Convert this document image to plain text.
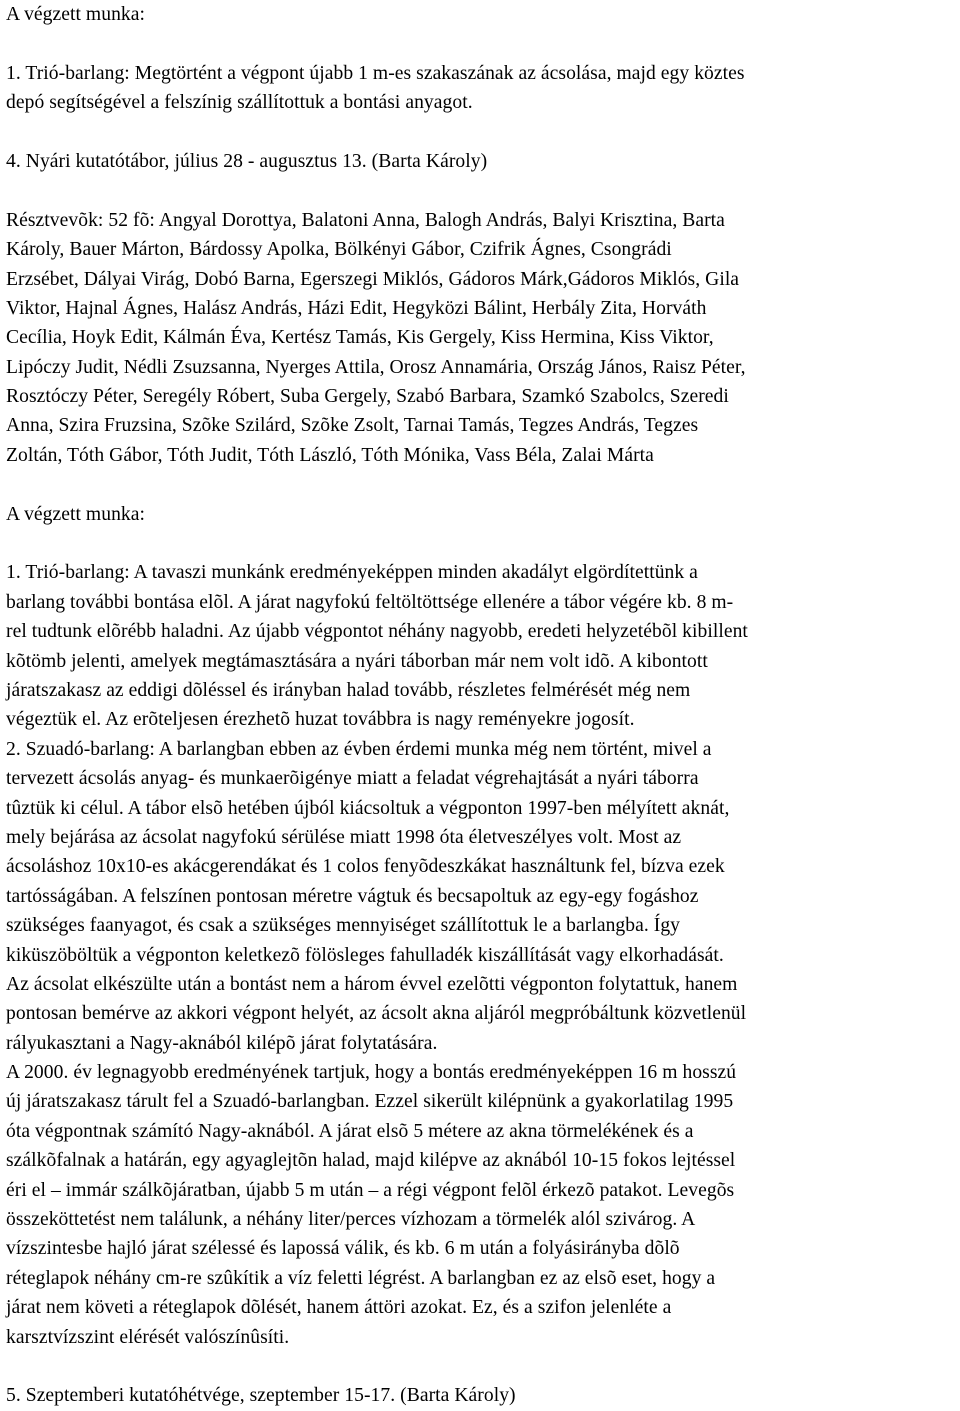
A végzett munka:
1. Trió-barlang: Megtörtént a végpont újabb 1 m-es szakaszának az ácsolása, majd egy köztes
depó segítségével a felszínig szállítottuk a bontási anyagot.
4. Nyári kutatótábor, július 28 - augusztus 13. (Barta Károly)
Résztvevõk: 52 fõ: Angyal Dorottya, Balatoni Anna, Balogh András, Balyi Krisztina, Barta
Károly, Bauer Márton, Bárdossy Apolka, Bölkényi Gábor, Czifrik Ágnes, Csongrádi
Erzsébet, Dályai Virág, Dobó Barna, Egerszegi Miklós, Gádoros Márk,Gádoros Miklós, Gila
Viktor, Hajnal Ágnes, Halász András, Házi Edit, Hegyközi Bálint, Herbály Zita, Horváth
Cecília, Hoyk Edit, Kálmán Éva, Kertész Tamás, Kis Gergely, Kiss Hermina, Kiss Viktor,
Lipóczy Judit, Nédli Zsuzsanna, Nyerges Attila, Orosz Annamária, Ország János, Raisz Péter,
Rosztóczy Péter, Seregély Róbert, Suba Gergely, Szabó Barbara, Szamkó Szabolcs, Szeredi
Anna, Szira Fruzsina, Szõke Szilárd, Szõke Zsolt, Tarnai Tamás, Tegzes András, Tegzes
Zoltán, Tóth Gábor, Tóth Judit, Tóth László, Tóth Mónika, Vass Béla, Zalai Márta
A végzett munka:
1. Trió-barlang: A tavaszi munkánk eredményeképpen minden akadályt elgördítettünk a
barlang további bontása elõl. A járat nagyfokú feltöltöttsége ellenére a tábor végére kb. 8 m-
rel tudtunk elõrébb haladni. Az újabb végpontot néhány nagyobb, eredeti helyzetébõl kibillent
kõtömb jelenti, amelyek megtámasztására a nyári táborban már nem volt idõ. A kibontott
járatszakasz az eddigi dõléssel és irányban halad tovább, részletes felmérését még nem
végeztük el. Az erõteljesen érezhetõ huzat továbbra is nagy reményekre jogosít.
2. Szuadó-barlang: A barlangban ebben az évben érdemi munka még nem történt, mivel a
tervezett ácsolás anyag- és munkaerõigénye miatt a feladat végrehajtását a nyári táborra
tûztük ki célul. A tábor elsõ hetében újból kiácsoltuk a végponton 1997-ben mélyített aknát,
mely bejárása az ácsolat nagyfokú sérülése miatt 1998 óta életveszélyes volt. Most az
ácsoláshoz 10x10-es akácgerendákat és 1 colos fenyõdeszkákat használtunk fel, bízva ezek
tartósságában. A felszínen pontosan méretre vágtuk és becsapoltuk az egy-egy fogáshoz
szükséges faanyagot, és csak a szükséges mennyiséget szállítottuk le a barlangba. Így
kiküszöböltük a végponton keletkezõ fölösleges fahulladék kiszállítását vagy elkorhadását.
Az ácsolat elkészülte után a bontást nem a három évvel ezelõtti végponton folytattuk, hanem
pontosan bemérve az akkori végpont helyét, az ácsolt akna aljáról megpróbáltunk közvetlenül
rályukasztani a Nagy-aknából kilépõ járat folytatására.
A 2000. év legnagyobb eredményének tartjuk, hogy a bontás eredményeképpen 16 m hosszú
új járatszakasz tárult fel a Szuadó-barlangban. Ezzel sikerült kilépnünk a gyakorlatilag 1995
óta végpontnak számító Nagy-aknából. A járat elsõ 5 métere az akna törmelékének és a
szálkõfalnak a határán, egy agyaglejtõn halad, majd kilépve az aknából 10-15 fokos lejtéssel
éri el – immár szálkõjáratban, újabb 5 m után – a régi végpont felõl érkezõ patakot. Levegõs
összeköttetést nem találunk, a néhány liter/perces vízhozam a törmelék alól szivárog. A
vízszintesbe hajló járat szélessé és lapossá válik, és kb. 6 m után a folyásirányba dõlõ
réteglapok néhány cm-re szûkítik a víz feletti légrést. A barlangban ez az elsõ eset, hogy a
járat nem követi a réteglapok dõlését, hanem áttöri azokat. Ez, és a szifon jelenléte a
karsztvízszint elérését valószínûsíti.
5. Szeptemberi kutatóhétvége, szeptember 15-17. (Barta Károly)
